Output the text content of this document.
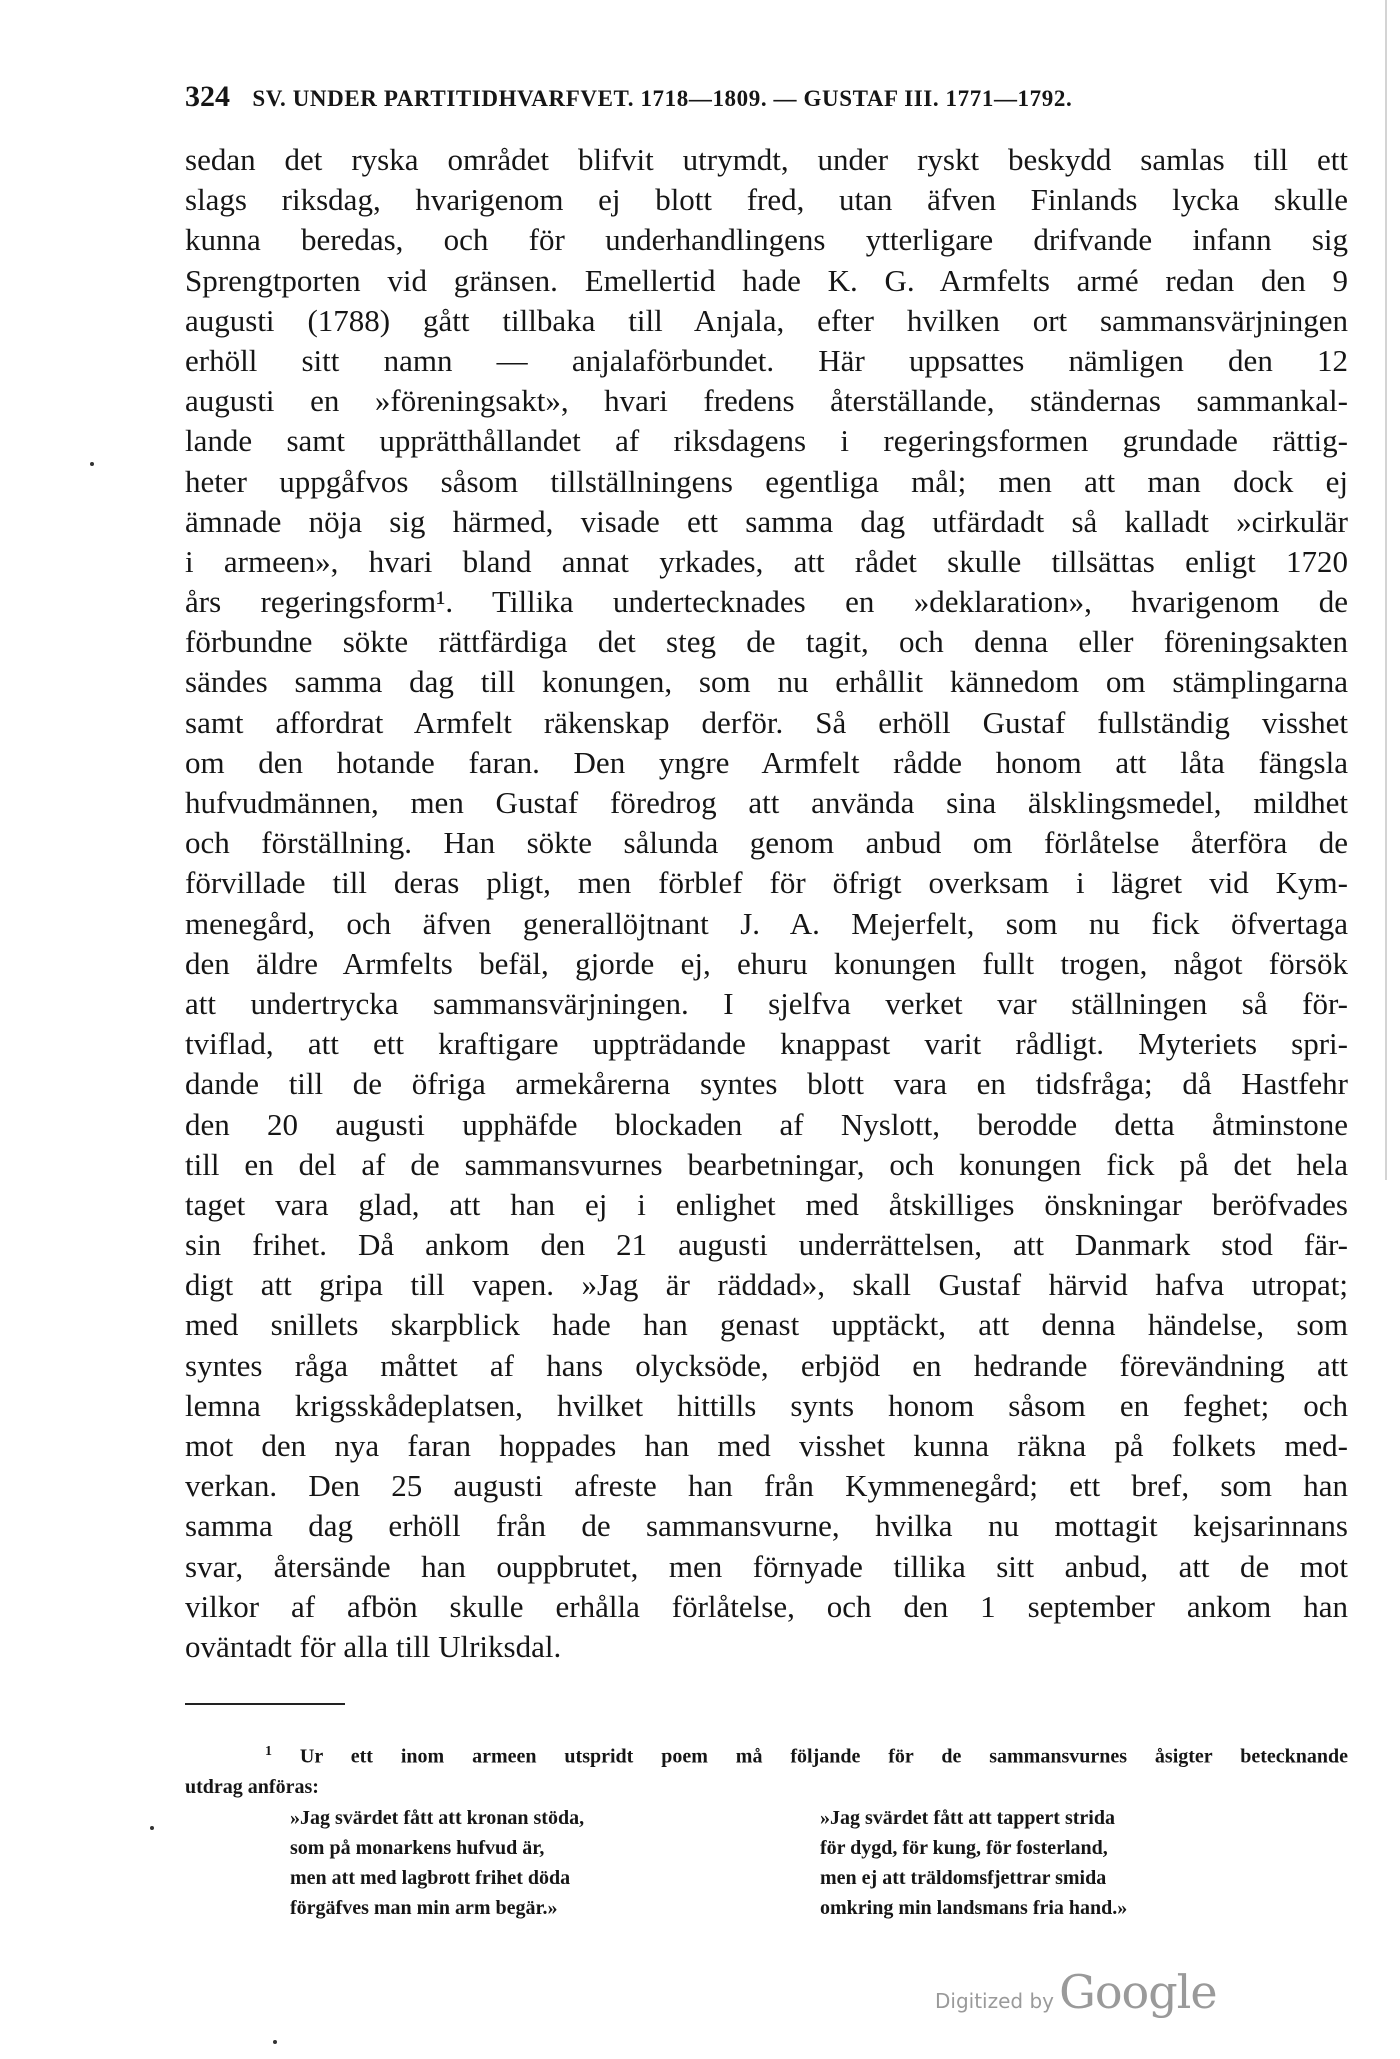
324 SV. UNDER PARTITIDHVARFVET. 1718—1809. — GUSTAF III. 1771—1792.
sedan det ryska området blifvit utrymdt, under ryskt beskydd samlas till ett
slags riksdag, hvarigenom ej blott fred, utan äfven Finlands lycka skulle
kunna beredas, och för underhandlingens ytterligare drifvande infann sig
Sprengtporten vid gränsen. Emellertid hade K. G. Armfelts armé redan den 9
augusti (1788) gått tillbaka till Anjala, efter hvilken ort sammansvärjningen
erhöll sitt namn — anjalaförbundet. Här uppsattes nämligen den 12
augusti en »föreningsakt», hvari fredens återställande, ständernas sammankal-
lande samt upprätthållandet af riksdagens i regeringsformen grundade rättig-
heter uppgåfvos såsom tillställningens egentliga mål; men att man dock ej
ämnade nöja sig härmed, visade ett samma dag utfärdadt så kalladt »cirkulär
i armeen», hvari bland annat yrkades, att rådet skulle tillsättas enligt 1720
års regeringsform¹. Tillika undertecknades en »deklaration», hvarigenom de
förbundne sökte rättfärdiga det steg de tagit, och denna eller föreningsakten
sändes samma dag till konungen, som nu erhållit kännedom om stämplingarna
samt affordrat Armfelt räkenskap derför. Så erhöll Gustaf fullständig visshet
om den hotande faran. Den yngre Armfelt rådde honom att låta fängsla
hufvudmännen, men Gustaf föredrog att använda sina älsklingsmedel, mildhet
och förställning. Han sökte sålunda genom anbud om förlåtelse återföra de
förvillade till deras pligt, men förblef för öfrigt overksam i lägret vid Kym-
menegård, och äfven generallöjtnant J. A. Mejerfelt, som nu fick öfvertaga
den äldre Armfelts befäl, gjorde ej, ehuru konungen fullt trogen, något försök
att undertrycka sammansvärjningen. I sjelfva verket var ställningen så för-
tviflad, att ett kraftigare uppträdande knappast varit rådligt. Myteriets spri-
dande till de öfriga armekårerna syntes blott vara en tidsfråga; då Hastfehr
den 20 augusti upphäfde blockaden af Nyslott, berodde detta åtminstone
till en del af de sammansvurnes bearbetningar, och konungen fick på det hela
taget vara glad, att han ej i enlighet med åtskilliges önskningar beröfvades
sin frihet. Då ankom den 21 augusti underrättelsen, att Danmark stod fär-
digt att gripa till vapen. »Jag är räddad», skall Gustaf härvid hafva utropat;
med snillets skarpblick hade han genast upptäckt, att denna händelse, som
syntes råga måttet af hans olycksöde, erbjöd en hedrande förevändning att
lemna krigsskådeplatsen, hvilket hittills synts honom såsom en feghet; och
mot den nya faran hoppades han med visshet kunna räkna på folkets med-
verkan. Den 25 augusti afreste han från Kymmenegård; ett bref, som han
samma dag erhöll från de sammansvurne, hvilka nu mottagit kejsarinnans
svar, återsände han ouppbrutet, men förnyade tillika sitt anbud, att de mot
vilkor af afbön skulle erhålla förlåtelse, och den 1 september ankom han
oväntadt för alla till Ulriksdal.
$^1$ Ur ett inom armeen utspridt poem må följande för de sammansvurnes åsigter betecknande
utdrag anföras:
»Jag svärdet fått att kronan stöda,
som på monarkens hufvud är,
men att med lagbrott frihet döda
förgäfves man min arm begär.»
»Jag svärdet fått att tappert strida
för dygd, för kung, för fosterland,
men ej att träldomsfjettrar smida
omkring min landsmans fria hand.»
Digitized by Google
